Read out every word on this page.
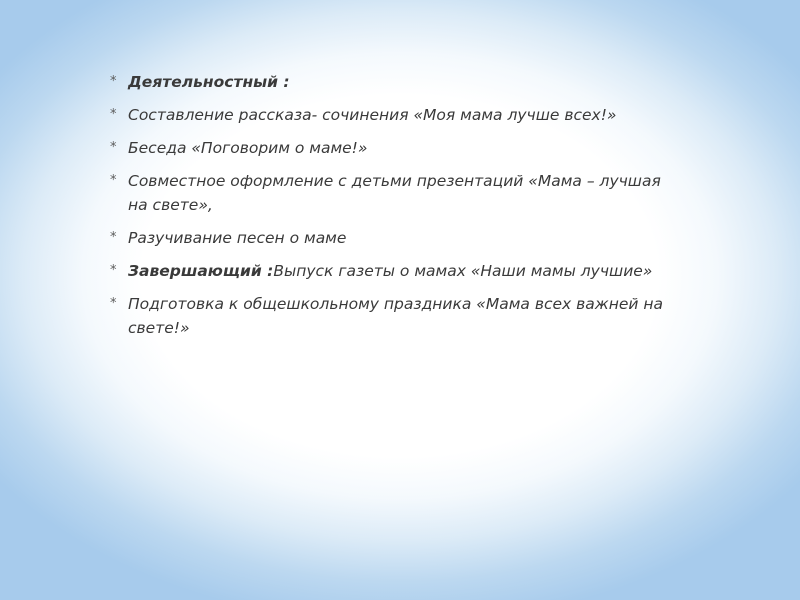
* Деятельностный :
* Составление рассказа- сочинения «Моя мама лучше всех!»
* Беседа «Поговорим о маме!»
* Совместное оформление с детьми презентаций «Мама – лучшая на свете»,
* Разучивание песен о маме
* Завершающий :Выпуск газеты о мамах «Наши мамы лучшие»
* Подготовка к общешкольному праздника «Мама всех важней на свете!»
